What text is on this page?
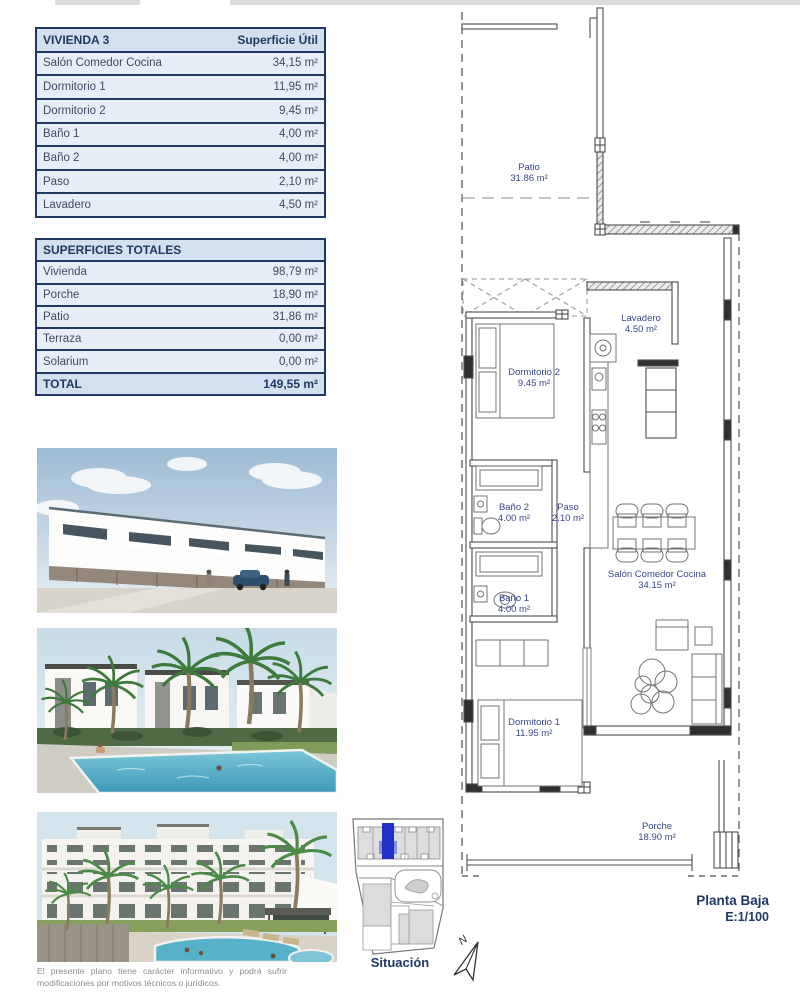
VIVIENDA 3	Superficie Útil
Salón Comedor Cocina	34,15 m²
Dormitorio 1	11,95 m²
Dormitorio 2	9,45 m²
Baño 1	4,00 m²
Baño 2	4,00 m²
Paso	2,10 m²
Lavadero	4,50 m²
SUPERFICIES TOTALES
Vivienda	98,79 m²
Porche	18,90 m²
Patio	31,86 m²
Terraza	0,00 m²
Solarium	0,00 m²
TOTAL	149,55 m²
El presente plano tiene carácter informativo y podrá sufrir modificaciones por motivos técnicos o jurídicos.
Situación
Patio
31.86 m²
Lavadero
4.50 m²
Dormitorio 2
9.45 m²
Baño 2
4.00 m²
Paso
2.10 m²
Baño 1
4.00 m²
Salón Comedor Cocina
34.15 m²
Dormitorio 1
11.95 m²
Porche
18.90 m²
Planta Baja
E:1/100
N
